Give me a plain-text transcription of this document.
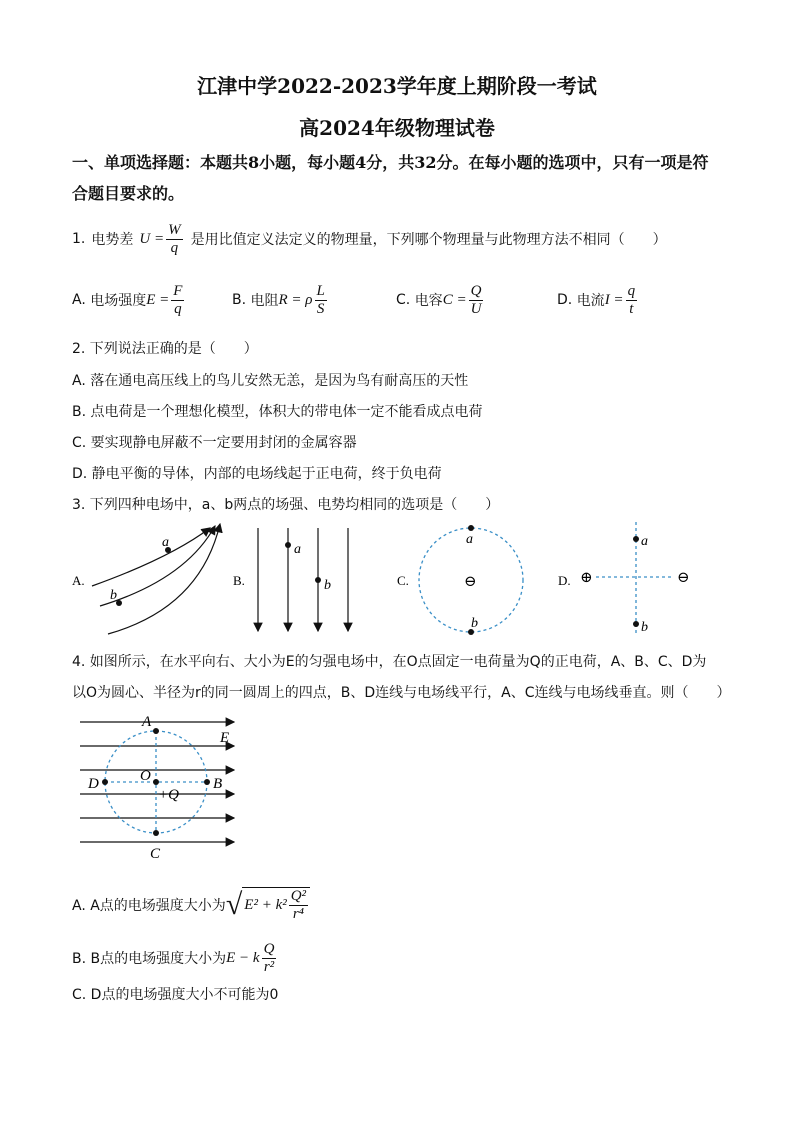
江津中学2022-2023学年度上期阶段一考试
高2024年级物理试卷
一、单项选择题：本题共8小题，每小题4分，共32分。在每小题的选项中，只有一项是符
合题目要求的。
1. 电势差 $U = \frac{W}{q}$ 是用比值定义法定义的物理量，下列哪个物理量与此物理方法不相同（　　）
A.
电场强度 $E = \frac{F}{q}$	B.
电阻 R = ρ $\frac{L}{S}$	C.
电容 $C = \frac{Q}{U}$	D.
电流 $I = \frac{q}{t}$
2. 下列说法正确的是（　　）
A. 落在通电高压线上的鸟儿安然无恙，是因为鸟有耐高压的天性
B. 点电荷是一个理想化模型，体积大的带电体一定不能看成点电荷
C. 要实现静电屏蔽不一定要用封闭的金属容器
D. 静电平衡的导体，内部的电场线起于正电荷，终于负电荷
3. 下列四种电场中，a、b两点的场强、电势均相同的选项是（　　）
A.
a
b
B.
a
b	C.	⊖
a
b
D. ⊕	⊖
a
b
4. 如图所示，在水平向右、大小为E的匀强电场中，在O点固定一电荷量为Q的正电荷，A、B、C、D为
以O为圆心、半径为r的同一圆周上的四点，B、D连线与电场线平行，A、C连线与电场线垂直。则（　　）
A
C
D	B
O
+Q
E
A. A点的电场强度大小为 √ $E^2 + k^2 \frac{\text{Q²}}{\text{r⁴}}$
B. B点的电场强度大小为 E − k $\frac{Q}{\text{r²}}$
C. D点的电场强度大小不可能为0
